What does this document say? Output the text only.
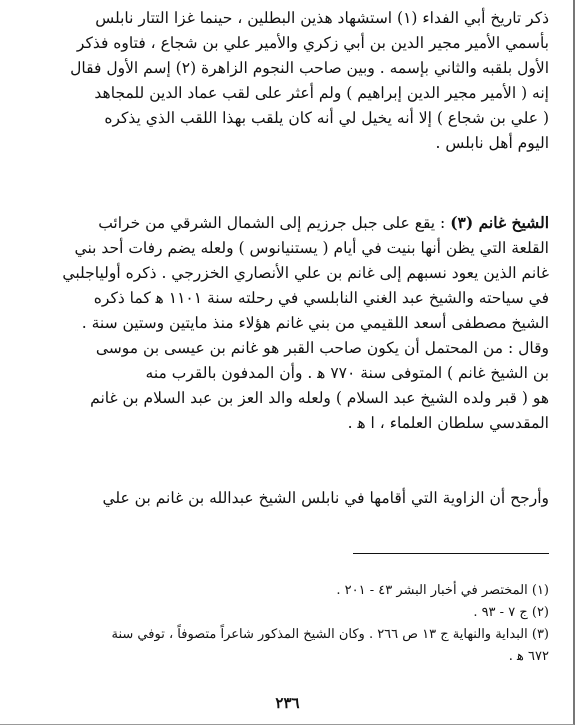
ذكر تاريخ أبي الفداء (١) استشهاد هذين البطلين ، حينما غزا التتار نابلس
بأسمي الأمير مجير الدين بن أبي زكري والأمير علي بن شجاع ، فتاوه فذكر
الأول بلقبه والثاني بإسمه . وبين صاحب النجوم الزاهرة (٢) إسم الأول فقال
إنه ( الأمير مجير الدين إبراهيم ) ولم أعثر على لقب عماد الدين للمجاهد
( علي بن شجاع ) إلا أنه يخيل لي أنه كان يلقب بهذا اللقب الذي يذكره
اليوم أهل نابلس .
الشيخ غانم (٣) : يقع على جبل جرزيم إلى الشمال الشرقي من خرائب
القلعة التي يظن أنها بنيت في أيام ( يستنيانوس ) ولعله يضم رفات أحد بني
غانم الذين يعود نسبهم إلى غانم بن علي الأنصاري الخزرجي . ذكره أولياجلبي
في سياحته والشيخ عبد الغني النابلسي في رحلته سنة ١١٠١ ﻫ كما ذكره
الشيخ مصطفى أسعد اللقيمي من بني غانم هؤلاء منذ مايتين وستين سنة .
وقال : من المحتمل أن يكون صاحب القبر هو غانم بن عيسى بن موسى
بن الشيخ غانم ) المتوفى سنة ٧٧٠ ﻫ . وأن المدفون بالقرب منه
هو ( قبر ولده الشيخ عبد السلام ) ولعله والد العز بن عبد السلام بن غانم
المقدسي سلطان العلماء ، ا ﻫ .
وأرجح أن الزاوية التي أقامها في نابلس الشيخ عبدالله بن غانم بن علي
(١) المختصر في أخبار البشر ٤٣ - ٢٠١ .
(٢) ج ٧ - ٩٣ .
(٣) البداية والنهاية ج ١٣ ص ٢٦٦ . وكان الشيخ المذكور شاعراً متصوفاً ، توفي سنة
٦٧٢ ﻫ .
٢٣٦
